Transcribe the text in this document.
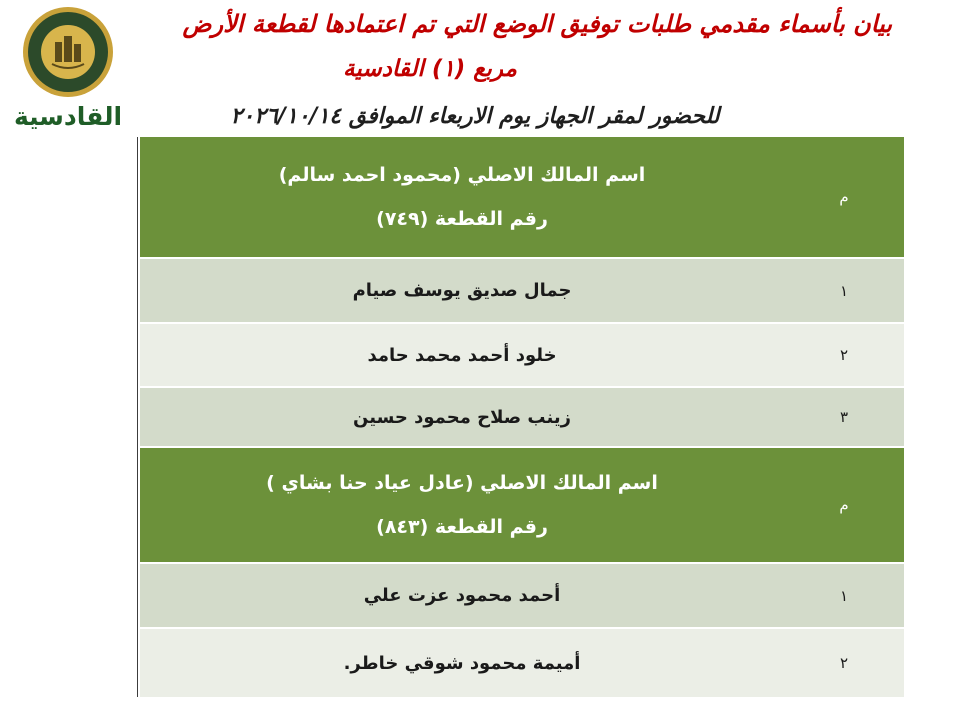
القادسية
بيان بأسماء مقدمي طلبات توفيق الوضع التي تم اعتمادها لقطعة الأرض
مربع (١) القادسية
للحضور لمقر الجهاز يوم الاربعاء الموافق ٢٠٢٦/١٠/١٤
م
اسم المالك الاصلي (محمود احمد سالم)
رقم القطعة (٧٤٩)
١
جمال صديق يوسف صيام
٢
خلود أحمد محمد حامد
٣
زينب صلاح محمود حسين
م
اسم المالك الاصلي (عادل عياد حنا بشاي )
رقم القطعة (٨٤٣)
١
أحمد محمود عزت علي
٢
أميمة محمود شوقي خاطر.
